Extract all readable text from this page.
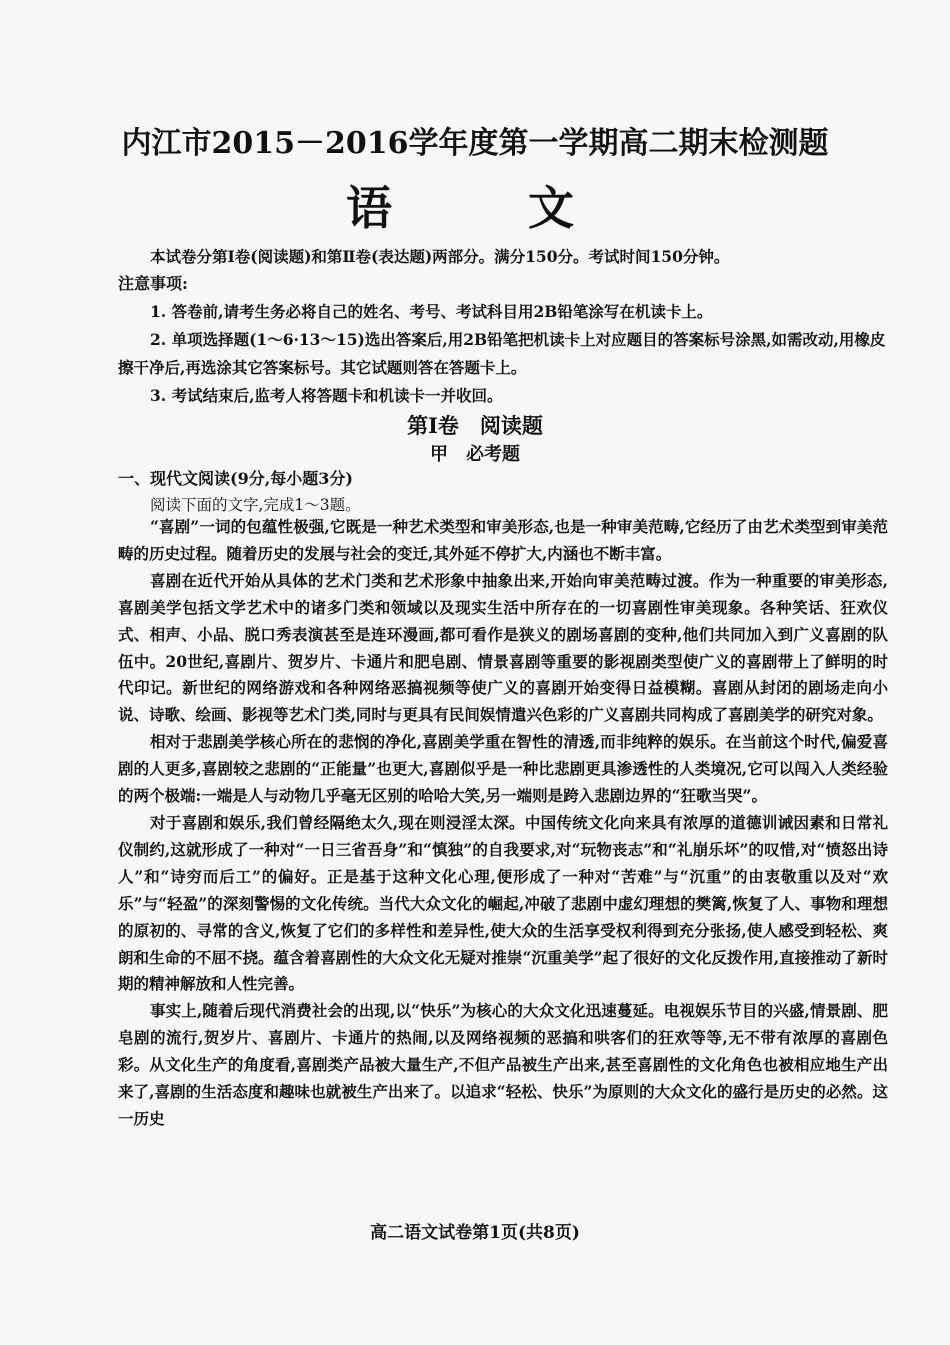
内江市2015－2016学年度第一学期高二期末检测题
语 文
本试卷分第Ⅰ卷(阅读题)和第Ⅱ卷(表达题)两部分。满分150分。考试时间150分钟。
注意事项:

1. 答卷前,请考生务必将自己的姓名、考号、考试科目用2B铅笔涂写在机读卡上。

2. 单项选择题(1～6·13～15)选出答案后,用2B铅笔把机读卡上对应题目的答案标号涂黑,如需改动,用橡皮擦干净后,再选涂其它答案标号。其它试题则答在答题卡上。

3. 考试结束后,监考人将答题卡和机读卡一并收回。

第Ⅰ卷　阅读题
甲　必考题
一、现代文阅读(9分,每小题3分)
阅读下面的文字,完成1～3题。

“喜剧”一词的包蕴性极强,它既是一种艺术类型和审美形态,也是一种审美范畴,它经历了由艺术类型到审美范畴的历史过程。随着历史的发展与社会的变迁,其外延不停扩大,内涵也不断丰富。

喜剧在近代开始从具体的艺术门类和艺术形象中抽象出来,开始向审美范畴过渡。作为一种重要的审美形态,喜剧美学包括文学艺术中的诸多门类和领域以及现实生活中所存在的一切喜剧性审美现象。各种笑话、狂欢仪式、相声、小品、脱口秀表演甚至是连环漫画,都可看作是狭义的剧场喜剧的变种,他们共同加入到广义喜剧的队伍中。20世纪,喜剧片、贺岁片、卡通片和肥皂剧、情景喜剧等重要的影视剧类型使广义的喜剧带上了鲜明的时代印记。新世纪的网络游戏和各种网络恶搞视频等使广义的喜剧开始变得日益模糊。喜剧从封闭的剧场走向小说、诗歌、绘画、影视等艺术门类,同时与更具有民间娱情遣兴色彩的广义喜剧共同构成了喜剧美学的研究对象。

相对于悲剧美学核心所在的悲悯的净化,喜剧美学重在智性的清透,而非纯粹的娱乐。在当前这个时代,偏爱喜剧的人更多,喜剧较之悲剧的“正能量”也更大,喜剧似乎是一种比悲剧更具渗透性的人类境况,它可以闯入人类经验的两个极端:一端是人与动物几乎毫无区别的哈哈大笑,另一端则是跨入悲剧边界的“狂歌当哭”。

对于喜剧和娱乐,我们曾经隔绝太久,现在则浸淫太深。中国传统文化向来具有浓厚的道德训诫因素和日常礼仪制约,这就形成了一种对“一日三省吾身”和“慎独”的自我要求,对“玩物丧志”和“礼崩乐坏”的叹惜,对“愤怒出诗人”和“诗穷而后工”的偏好。正是基于这种文化心理,便形成了一种对“苦难”与“沉重”的由衷敬重以及对“欢乐”与“轻盈”的深刻警惕的文化传统。当代大众文化的崛起,冲破了悲剧中虚幻理想的樊篱,恢复了人、事物和理想的原初的、寻常的含义,恢复了它们的多样性和差异性,使大众的生活享受权利得到充分张扬,使人感受到轻松、爽朗和生命的不屈不挠。蕴含着喜剧性的大众文化无疑对推崇“沉重美学”起了很好的文化反拨作用,直接推动了新时期的精神解放和人性完善。

事实上,随着后现代消费社会的出现,以“快乐”为核心的大众文化迅速蔓延。电视娱乐节目的兴盛,情景剧、肥皂剧的流行,贺岁片、喜剧片、卡通片的热闹,以及网络视频的恶搞和哄客们的狂欢等等,无不带有浓厚的喜剧色彩。从文化生产的角度看,喜剧类产品被大量生产,不但产品被生产出来,甚至喜剧性的文化角色也被相应地生产出来了,喜剧的生活态度和趣味也就被生产出来了。以追求“轻松、快乐”为原则的大众文化的盛行是历史的必然。这一历史

高二语文试卷第1页(共8页)
